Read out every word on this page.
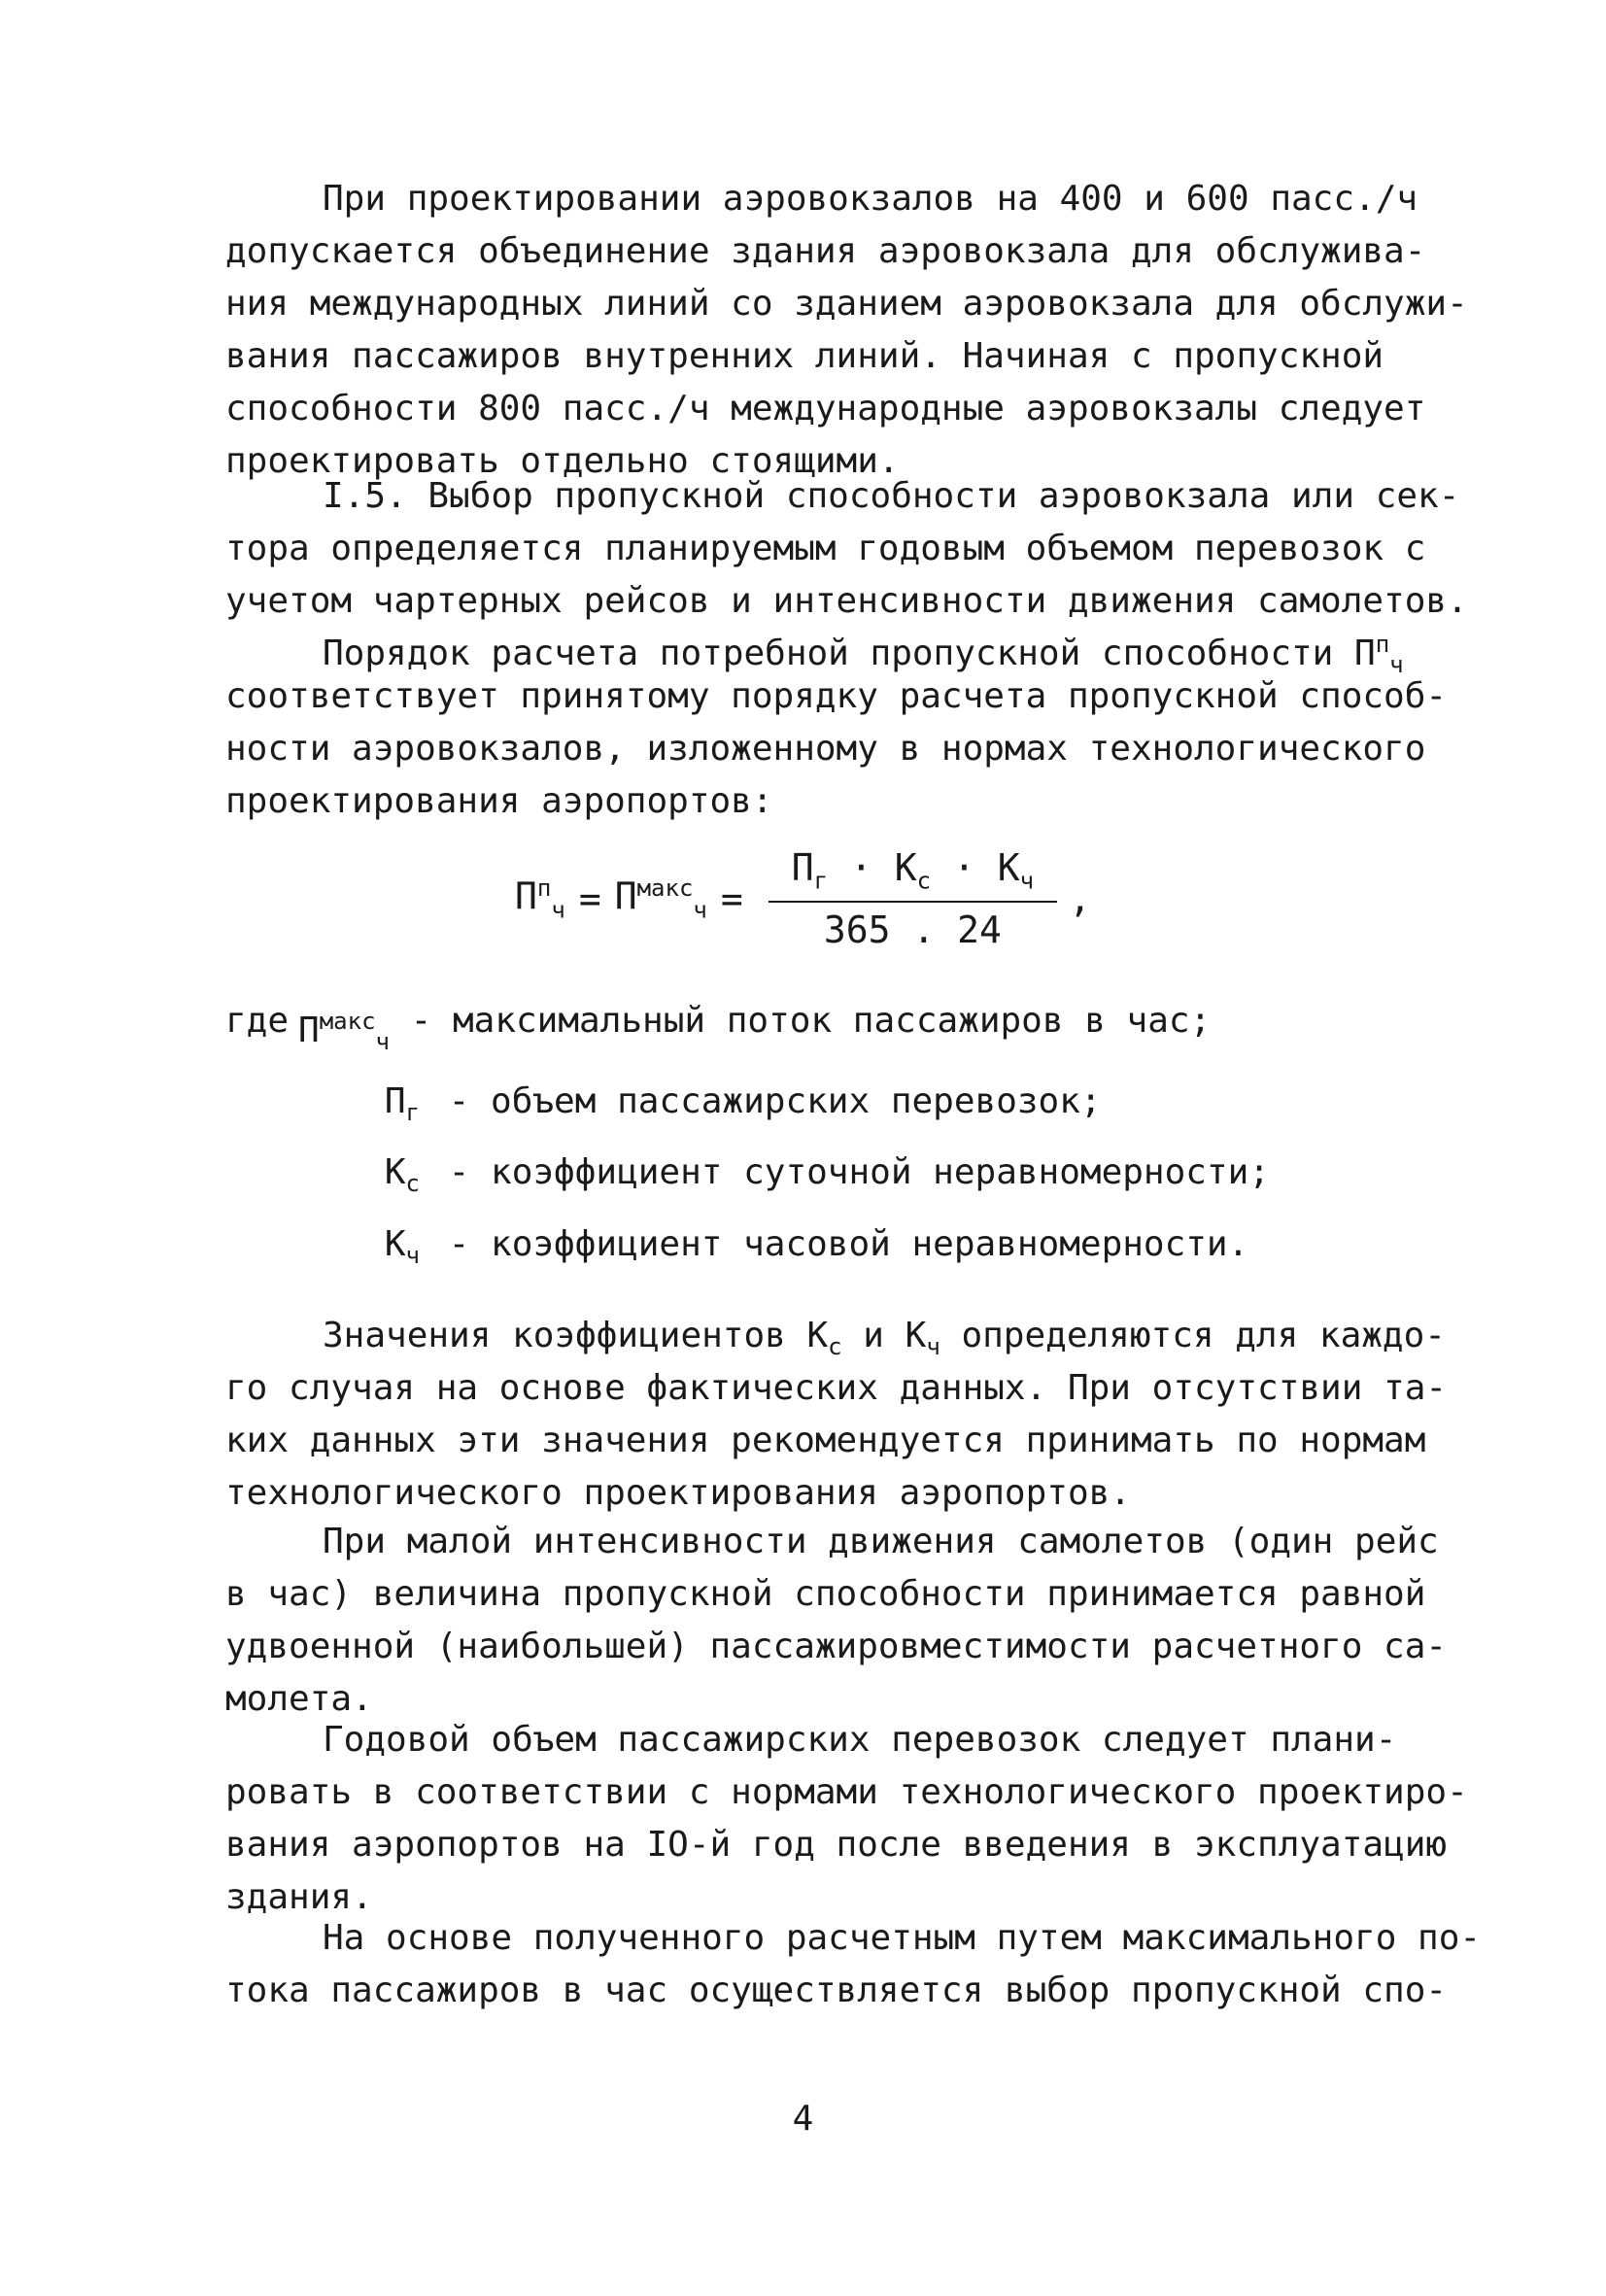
При проектировании аэровокзалов на 400 и 600 пасс./ч
допускается объединение здания аэровокзала для обслужива-
ния международных линий со зданием аэровокзала для обслужи-
вания пассажиров внутренних линий. Начиная с пропускной
способности 800 пасс./ч международные аэровокзалы следует
проектировать отдельно стоящими.
I.5. Выбор пропускной способности аэровокзала или сек-
тора определяется планируемым годовым объемом перевозок с
учетом чартерных рейсов и интенсивности движения самолетов.
Порядок расчета потребной пропускной способности $П^п_ч$
соответствует принятому порядку расчета пропускной способ-
ности аэровокзалов, изложенному в нормах технологического
проектирования аэропортов:
$П^п_ч = П^{макс}_ч = \frac{П_г \cdot К_с \cdot К_ч}{365 . 24}$ ,
где $П^{макс}_ч$
- максимальный поток пассажиров в час;
$П_г$ - объем пассажирских перевозок;
$К_с$ - коэффициент суточной неравномерности;
$К_ч$ - коэффициент часовой неравномерности.
Значения коэффициентов $К_с$ и $К_ч$ определяются для каждо-
го случая на основе фактических данных. При отсутствии та-
ких данных эти значения рекомендуется принимать по нормам
технологического проектирования аэропортов.
При малой интенсивности движения самолетов (один рейс
в час) величина пропускной способности принимается равной
удвоенной (наибольшей) пассажировместимости расчетного са-
молета.
Годовой объем пассажирских перевозок следует плани-
ровать в соответствии с нормами технологического проектиро-
вания аэропортов на IO-й год после введения в эксплуатацию
здания.
На основе полученного расчетным путем максимального по-
тока пассажиров в час осуществляется выбор пропускной спо-
4
